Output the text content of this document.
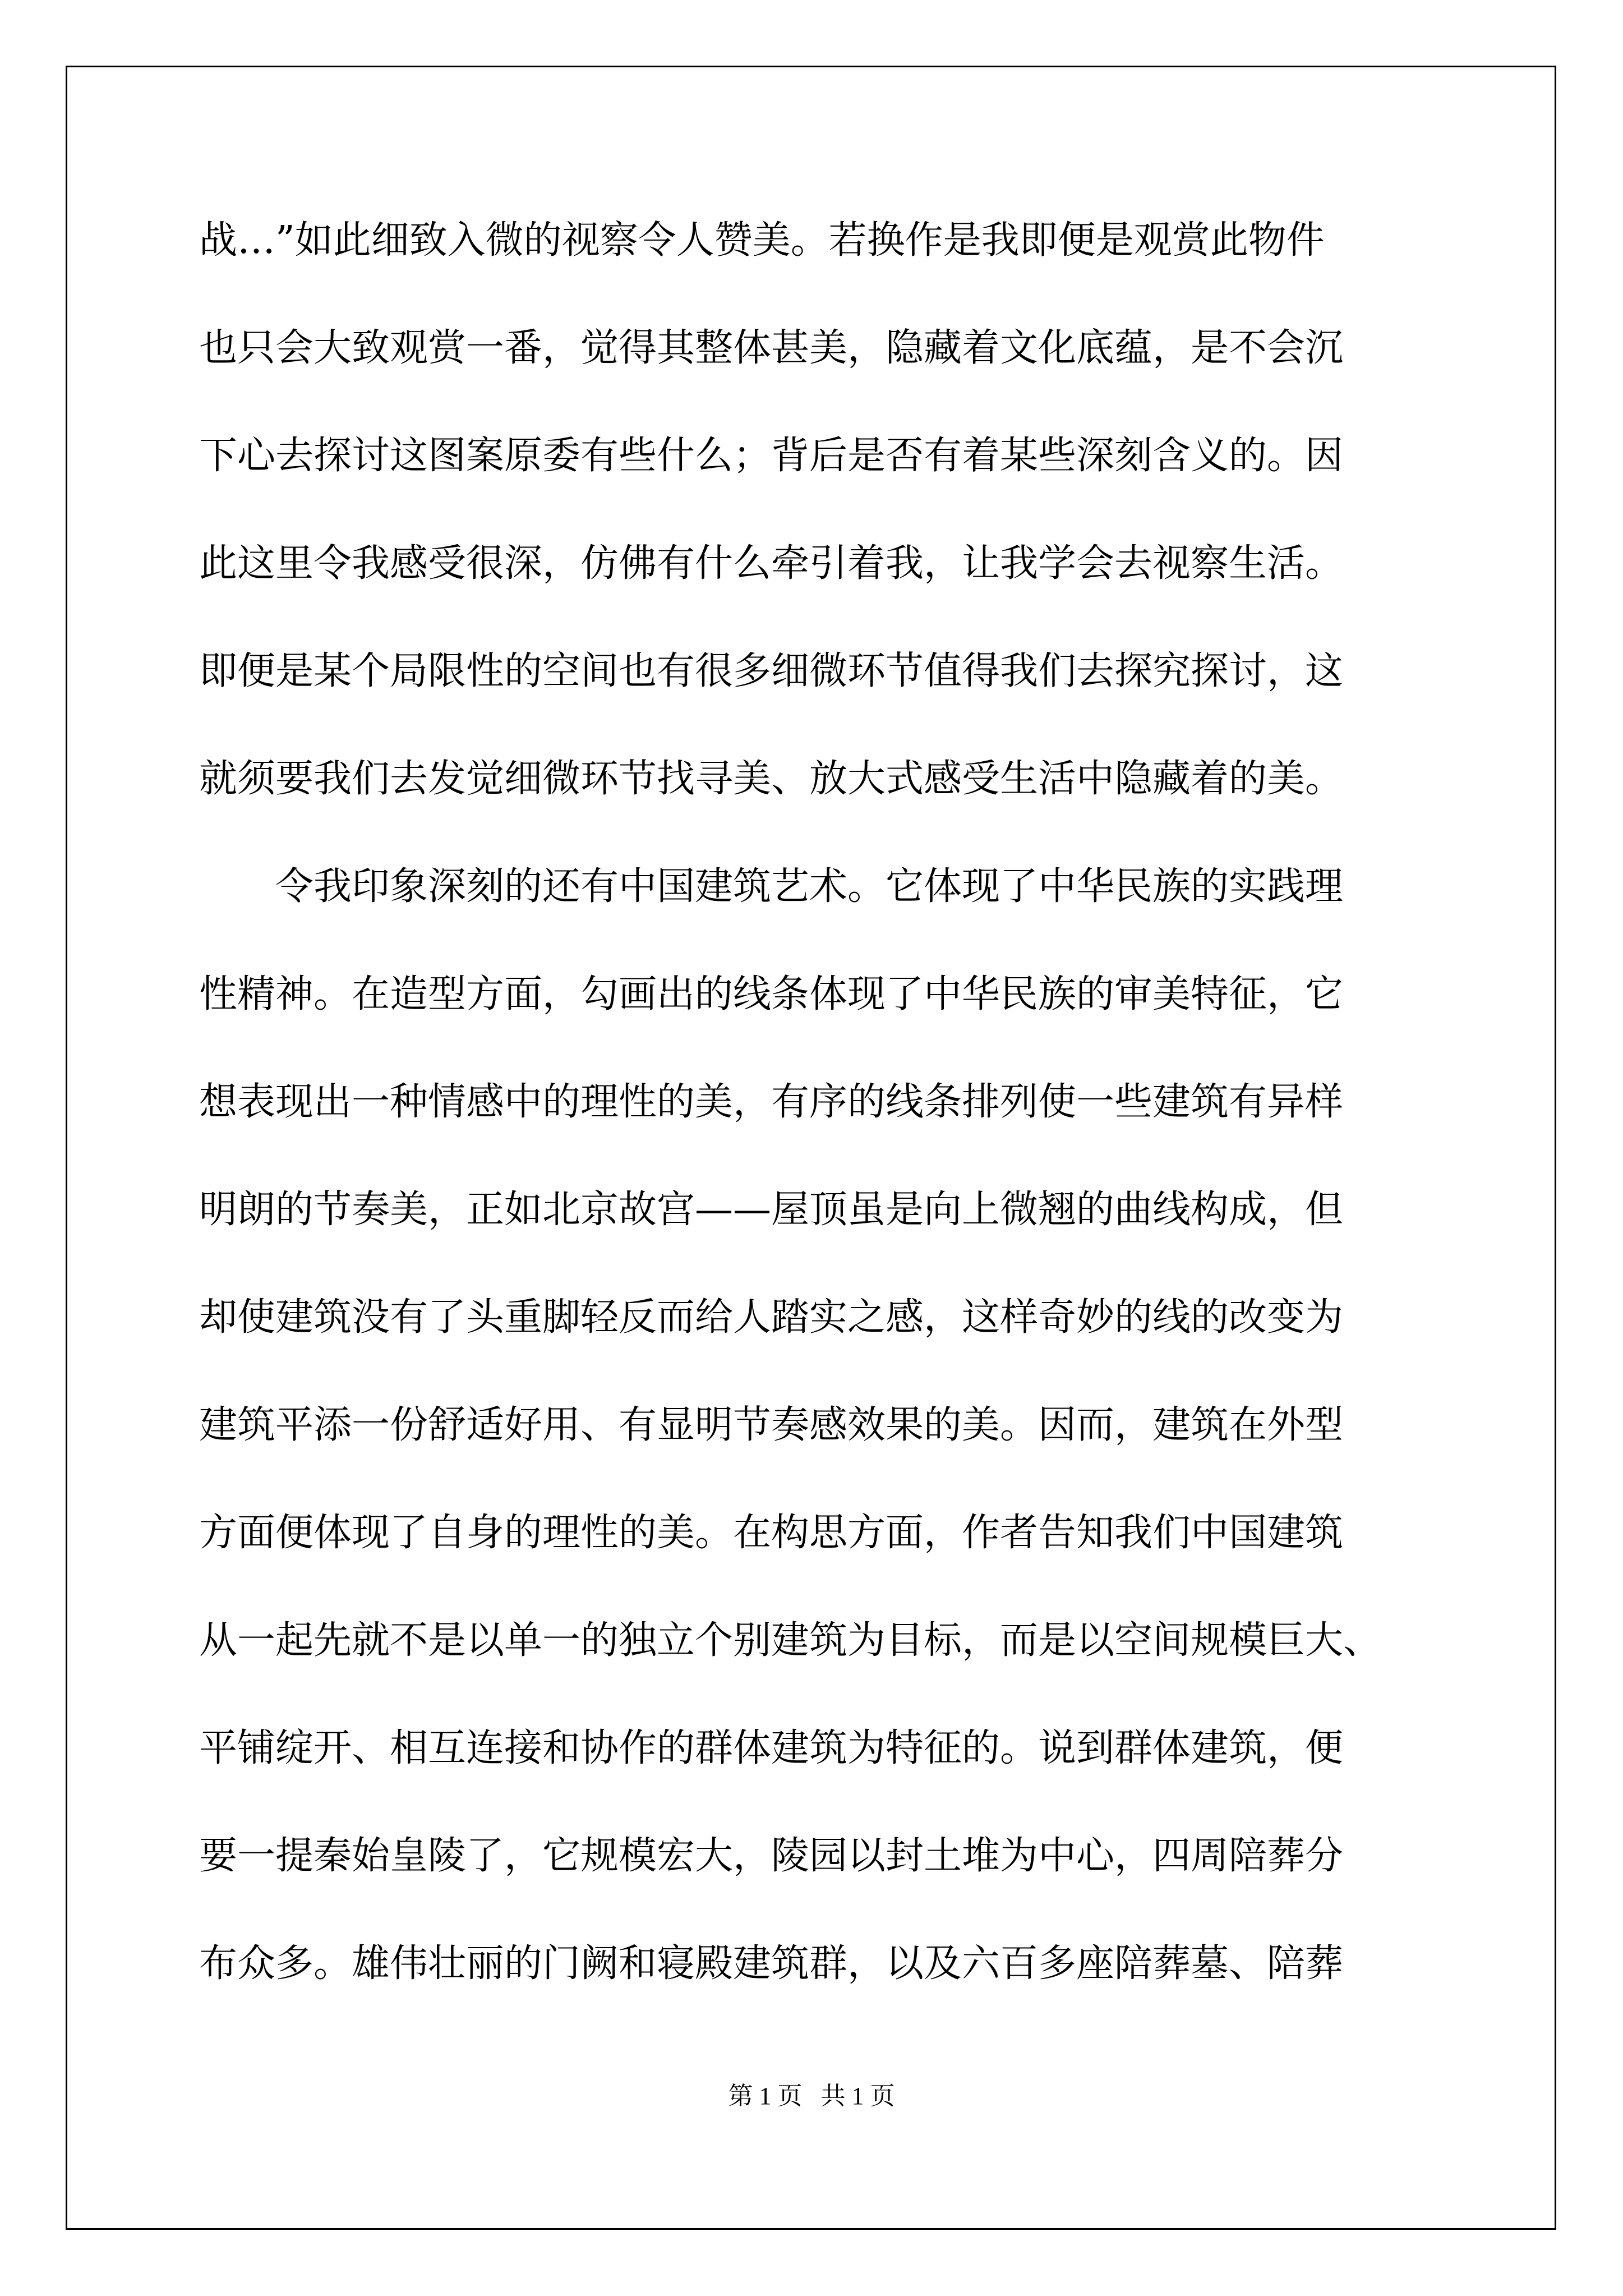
战…”如此细致入微的视察令人赞美。若换作是我即便是观赏此物件
也只会大致观赏一番，觉得其整体甚美，隐藏着文化底蕴，是不会沉
下心去探讨这图案原委有些什么；背后是否有着某些深刻含义的。因
此这里令我感受很深，仿佛有什么牵引着我，让我学会去视察生活。
即便是某个局限性的空间也有很多细微环节值得我们去探究探讨，这
就须要我们去发觉细微环节找寻美、放大式感受生活中隐藏着的美。
令我印象深刻的还有中国建筑艺术。它体现了中华民族的实践理
性精神。在造型方面，勾画出的线条体现了中华民族的审美特征，它
想表现出一种情感中的理性的美，有序的线条排列使一些建筑有异样
明朗的节奏美，正如北京故宫——屋顶虽是向上微翘的曲线构成，但
却使建筑没有了头重脚轻反而给人踏实之感，这样奇妙的线的改变为
建筑平添一份舒适好用、有显明节奏感效果的美。因而，建筑在外型
方面便体现了自身的理性的美。在构思方面，作者告知我们中国建筑
从一起先就不是以单一的独立个别建筑为目标，而是以空间规模巨大、
平铺绽开、相互连接和协作的群体建筑为特征的。说到群体建筑，便
要一提秦始皇陵了，它规模宏大，陵园以封土堆为中心，四周陪葬分
布众多。雄伟壮丽的门阙和寝殿建筑群，以及六百多座陪葬墓、陪葬
第 1 页   共 1 页
